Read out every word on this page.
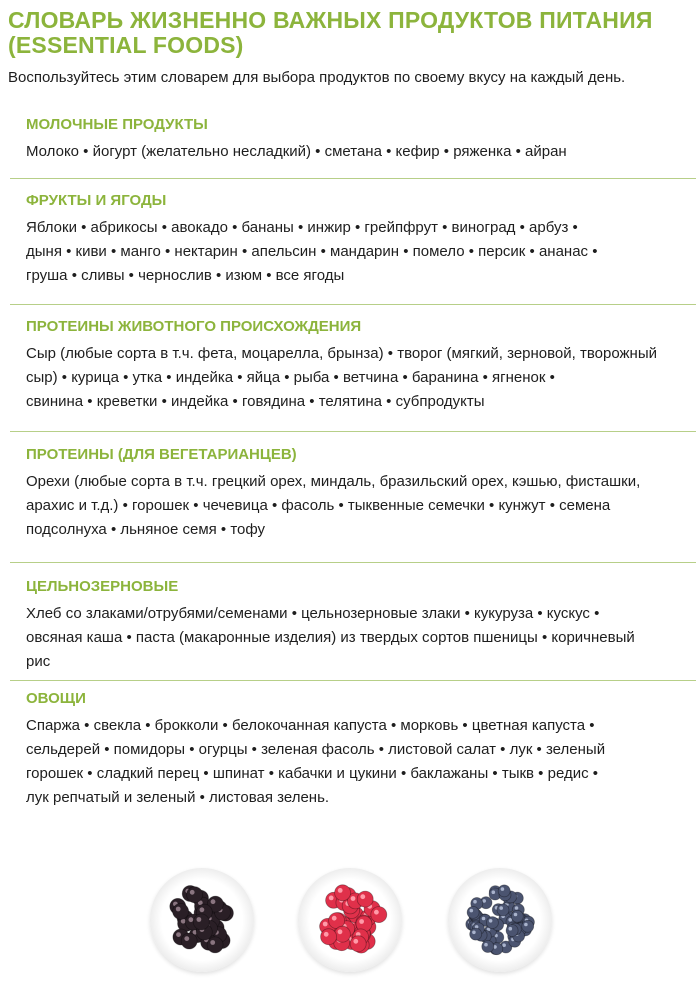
СЛОВАРЬ ЖИЗНЕННО ВАЖНЫХ ПРОДУКТОВ ПИТАНИЯ
(ESSENTIAL FOODS)
Воспользуйтесь этим словарем для выбора продуктов по своему вкусу на каждый день.
МОЛОЧНЫЕ ПРОДУКТЫ
Молоко • йогурт (желательно несладкий) • сметана • кефир • ряженка • айран
ФРУКТЫ И ЯГОДЫ
Яблоки • абрикосы • авокадо • бананы • инжир • грейпфрут • виноград • арбуз •
дыня • киви • манго • нектарин • апельсин • мандарин • помело • персик • ананас •
груша • сливы • чернослив • изюм • все ягоды
ПРОТЕИНЫ ЖИВОТНОГО ПРОИСХОЖДЕНИЯ
Сыр (любые сорта в т.ч. фета, моцарелла, брынза) • творог (мягкий, зерновой, творожный
сыр) • курица • утка • индейка • яйца • рыба • ветчина • баранина • ягненок •
свинина • креветки • индейка • говядина • телятина • субпродукты
ПРОТЕИНЫ (ДЛЯ ВЕГЕТАРИАНЦЕВ)
Орехи (любые сорта в т.ч. грецкий орех, миндаль, бразильский орех, кэшью, фисташки,
арахис и т.д.) • горошек • чечевица • фасоль • тыквенные семечки • кунжут • семена
подсолнуха • льняное семя • тофу
ЦЕЛЬНОЗЕРНОВЫЕ
Хлеб со злаками/отрубями/семенами • цельнозерновые злаки • кукуруза • кускус •
овсяная каша • паста (макаронные изделия) из твердых сортов пшеницы • коричневый
рис
ОВОЩИ
Спаржа • свекла • брокколи • белокочанная капуста • морковь • цветная капуста •
сельдерей • помидоры • огурцы • зеленая фасоль • листовой салат • лук • зеленый
горошек • сладкий перец • шпинат • кабачки и цукини • баклажаны • тыкв • редис •
лук репчатый и зеленый • листовая зелень.
